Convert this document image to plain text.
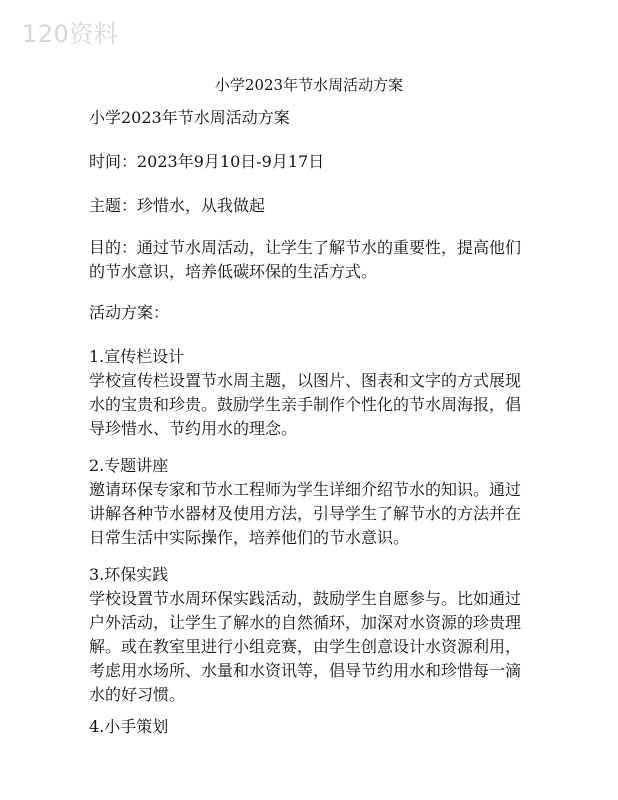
120资料
小学2023年节水周活动方案
小学2023年节水周活动方案
时间：2023年9月10日-9月17日
主题：珍惜水，从我做起
目的：通过节水周活动，让学生了解节水的重要性，提高他们
的节水意识，培养低碳环保的生活方式。
活动方案：
1.宣传栏设计
学校宣传栏设置节水周主题，以图片、图表和文字的方式展现
水的宝贵和珍贵。鼓励学生亲手制作个性化的节水周海报，倡
导珍惜水、节约用水的理念。
2.专题讲座
邀请环保专家和节水工程师为学生详细介绍节水的知识。通过
讲解各种节水器材及使用方法，引导学生了解节水的方法并在
日常生活中实际操作，培养他们的节水意识。
3.环保实践
学校设置节水周环保实践活动，鼓励学生自愿参与。比如通过
户外活动，让学生了解水的自然循环，加深对水资源的珍贵理
解。或在教室里进行小组竞赛，由学生创意设计水资源利用，
考虑用水场所、水量和水资讯等，倡导节约用水和珍惜每一滴
水的好习惯。
4.小手策划
